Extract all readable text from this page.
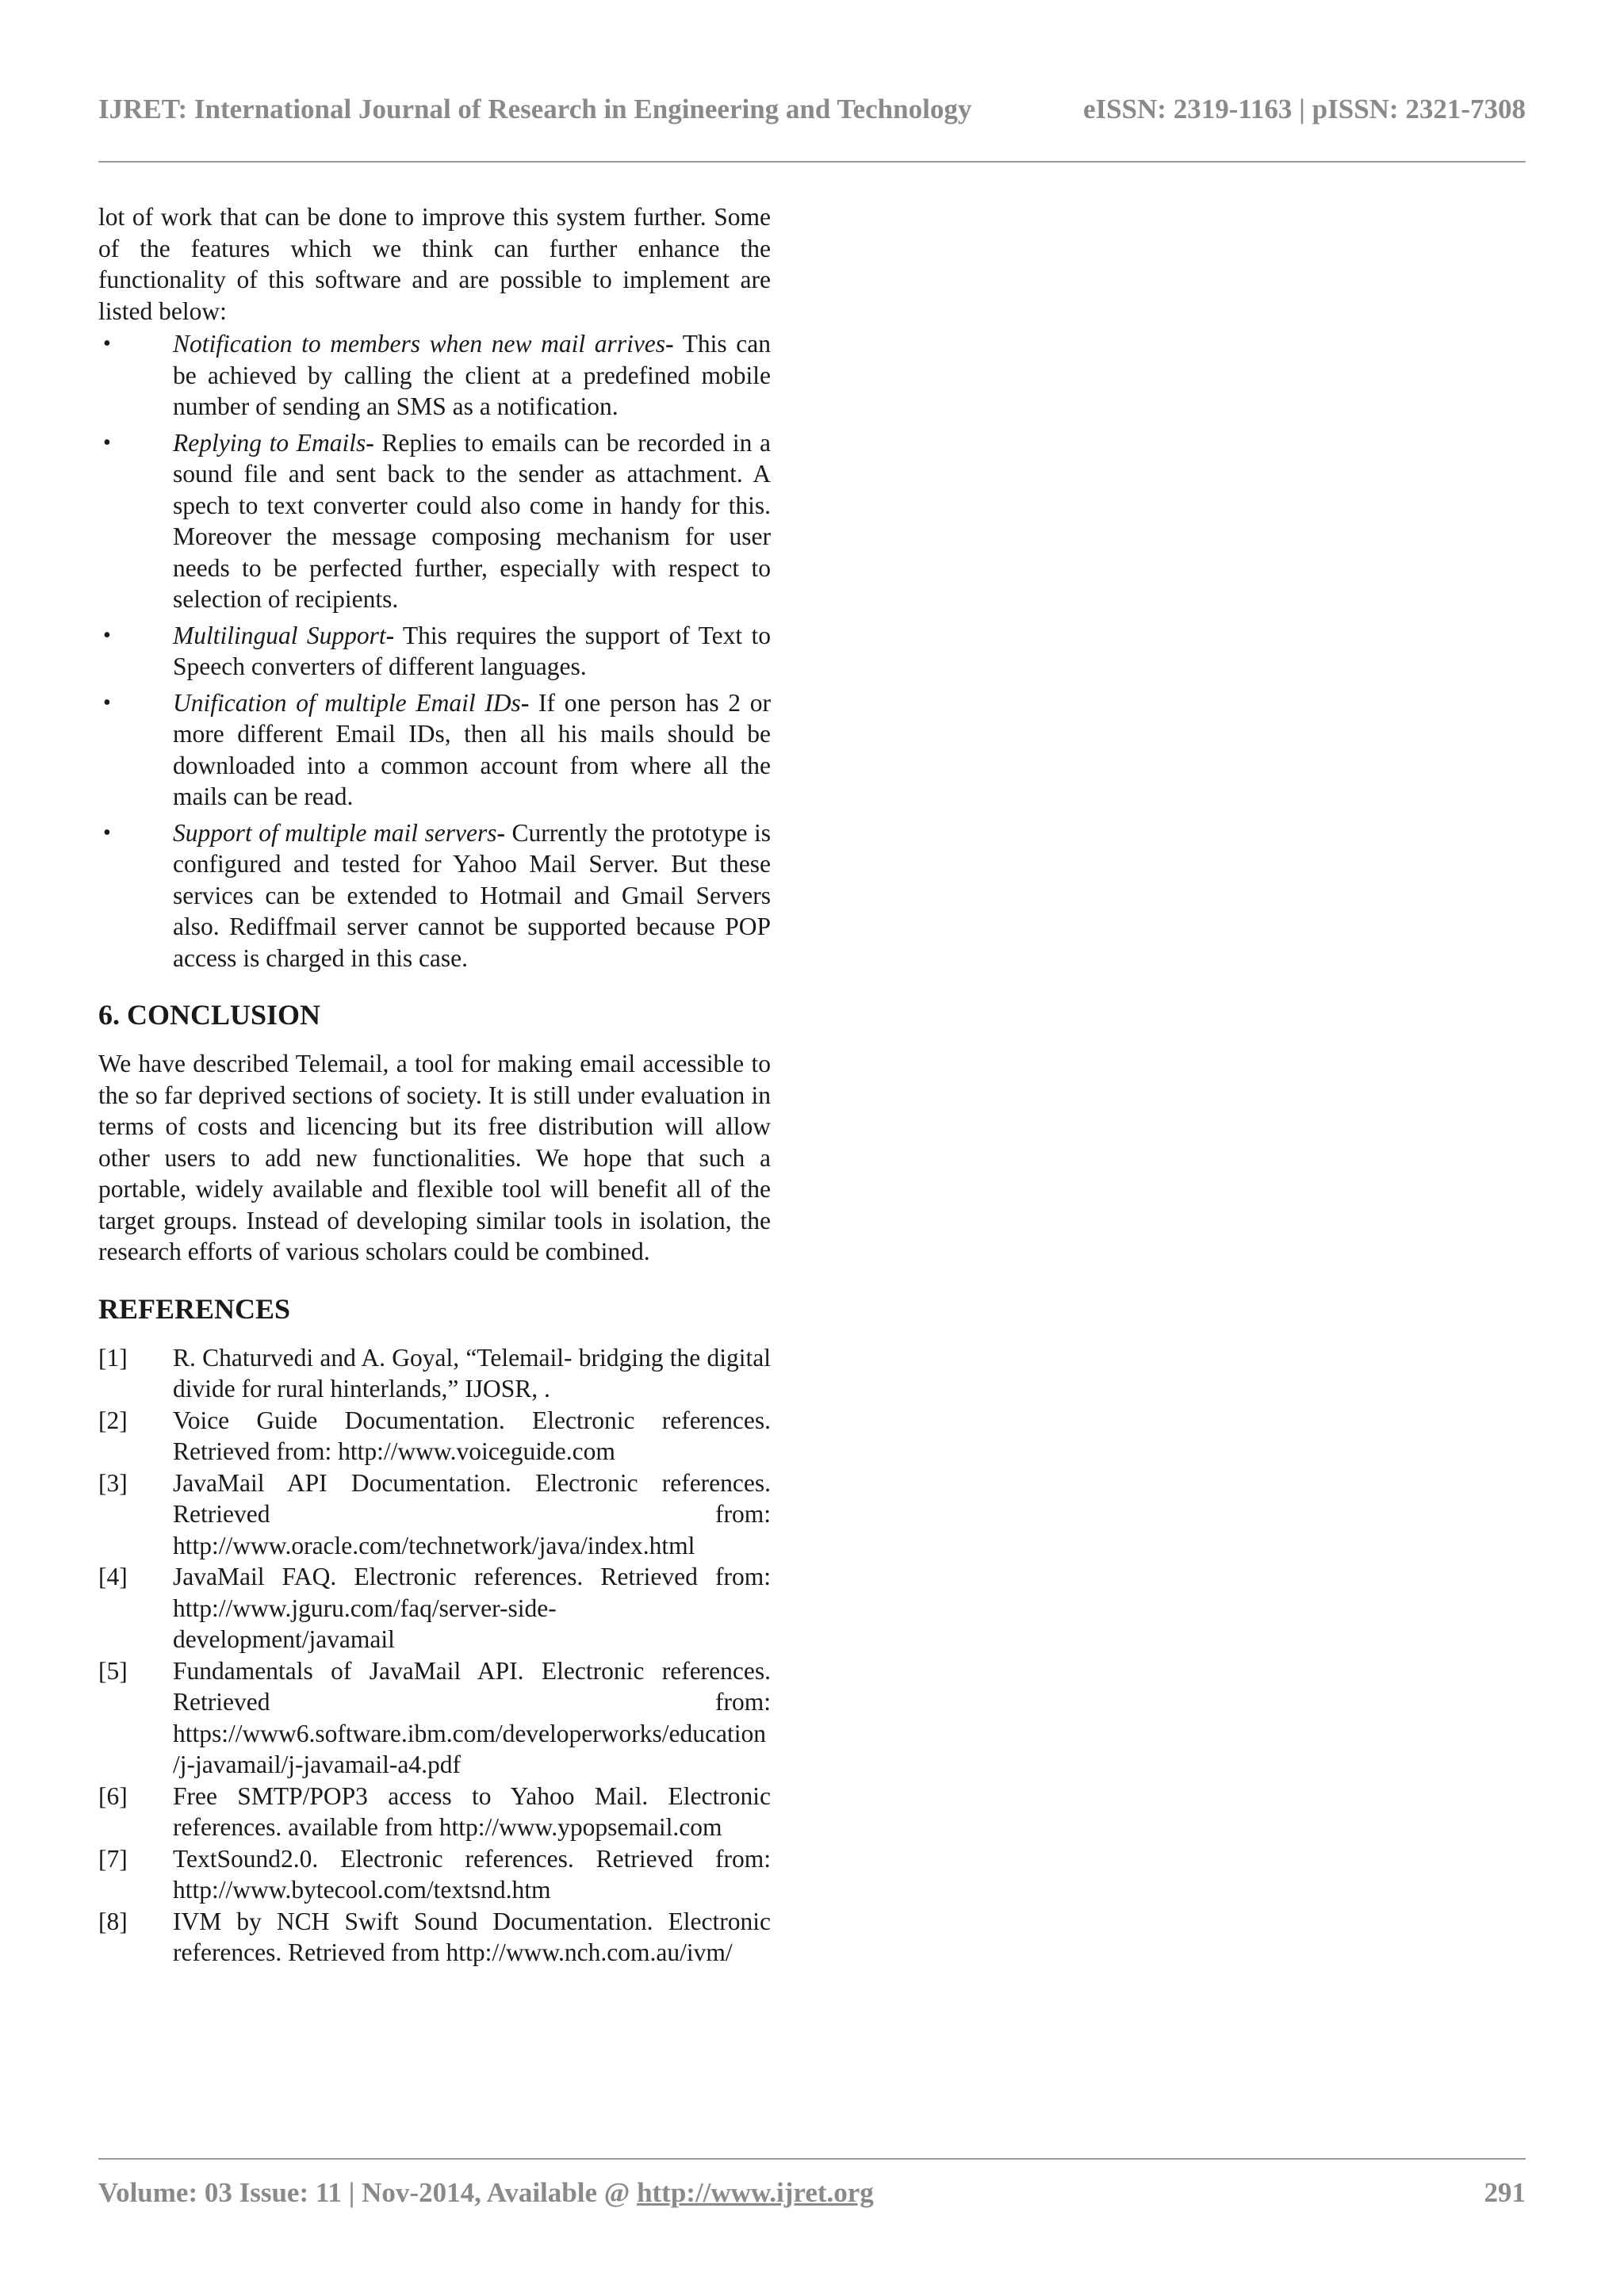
IJRET: International Journal of Research in Engineering and Technology	eISSN: 2319-1163 | pISSN: 2321-7308

lot of work that can be done to improve this system further. Some of the features which we think can further enhance the functionality of this software and are possible to implement are listed below:

• Notification to members when new mail arrives- This can be achieved by calling the client at a predefined mobile number of sending an SMS as a notification.
• Replying to Emails- Replies to emails can be recorded in a sound file and sent back to the sender as attachment. A spech to text converter could also come in handy for this. Moreover the message composing mechanism for user needs to be perfected further, especially with respect to selection of recipients.
• Multilingual Support- This requires the support of Text to Speech converters of different languages.
• Unification of multiple Email IDs- If one person has 2 or more different Email IDs, then all his mails should be downloaded into a common account from where all the mails can be read.
• Support of multiple mail servers- Currently the prototype is configured and tested for Yahoo Mail Server. But these services can be extended to Hotmail and Gmail Servers also. Rediffmail server cannot be supported because POP access is charged in this case.
6. CONCLUSION

We have described Telemail, a tool for making email accessible to the so far deprived sections of society. It is still under evaluation in terms of costs and licencing but its free distribution will allow other users to add new functionalities. We hope that such a portable, widely available and flexible tool will benefit all of the target groups. Instead of developing similar tools in isolation, the research efforts of various scholars could be combined.

REFERENCES
[1] R. Chaturvedi and A. Goyal, “Telemail- bridging the digital divide for rural hinterlands,” IJOSR, .
[2] Voice Guide Documentation. Electronic references. Retrieved from: http://www.voiceguide.com
[3] JavaMail API Documentation. Electronic references. Retrieved from: http://www.oracle.com/technetwork/java/index.html
[4] JavaMail FAQ. Electronic references. Retrieved from: http://www.jguru.com/faq/server-side-development/javamail
[5] Fundamentals of JavaMail API. Electronic references. Retrieved from: https://www6.software.ibm.com/developerworks/education/j-javamail/j-javamail-a4.pdf
[6] Free SMTP/POP3 access to Yahoo Mail. Electronic references. available from http://www.ypopsemail.com
[7] TextSound2.0. Electronic references. Retrieved from: http://www.bytecool.com/textsnd.htm
[8] IVM by NCH Swift Sound Documentation. Electronic references. Retrieved from http://www.nch.com.au/ivm/
Volume: 03 Issue: 11 | Nov-2014, Available @ http://www.ijret.org	291
